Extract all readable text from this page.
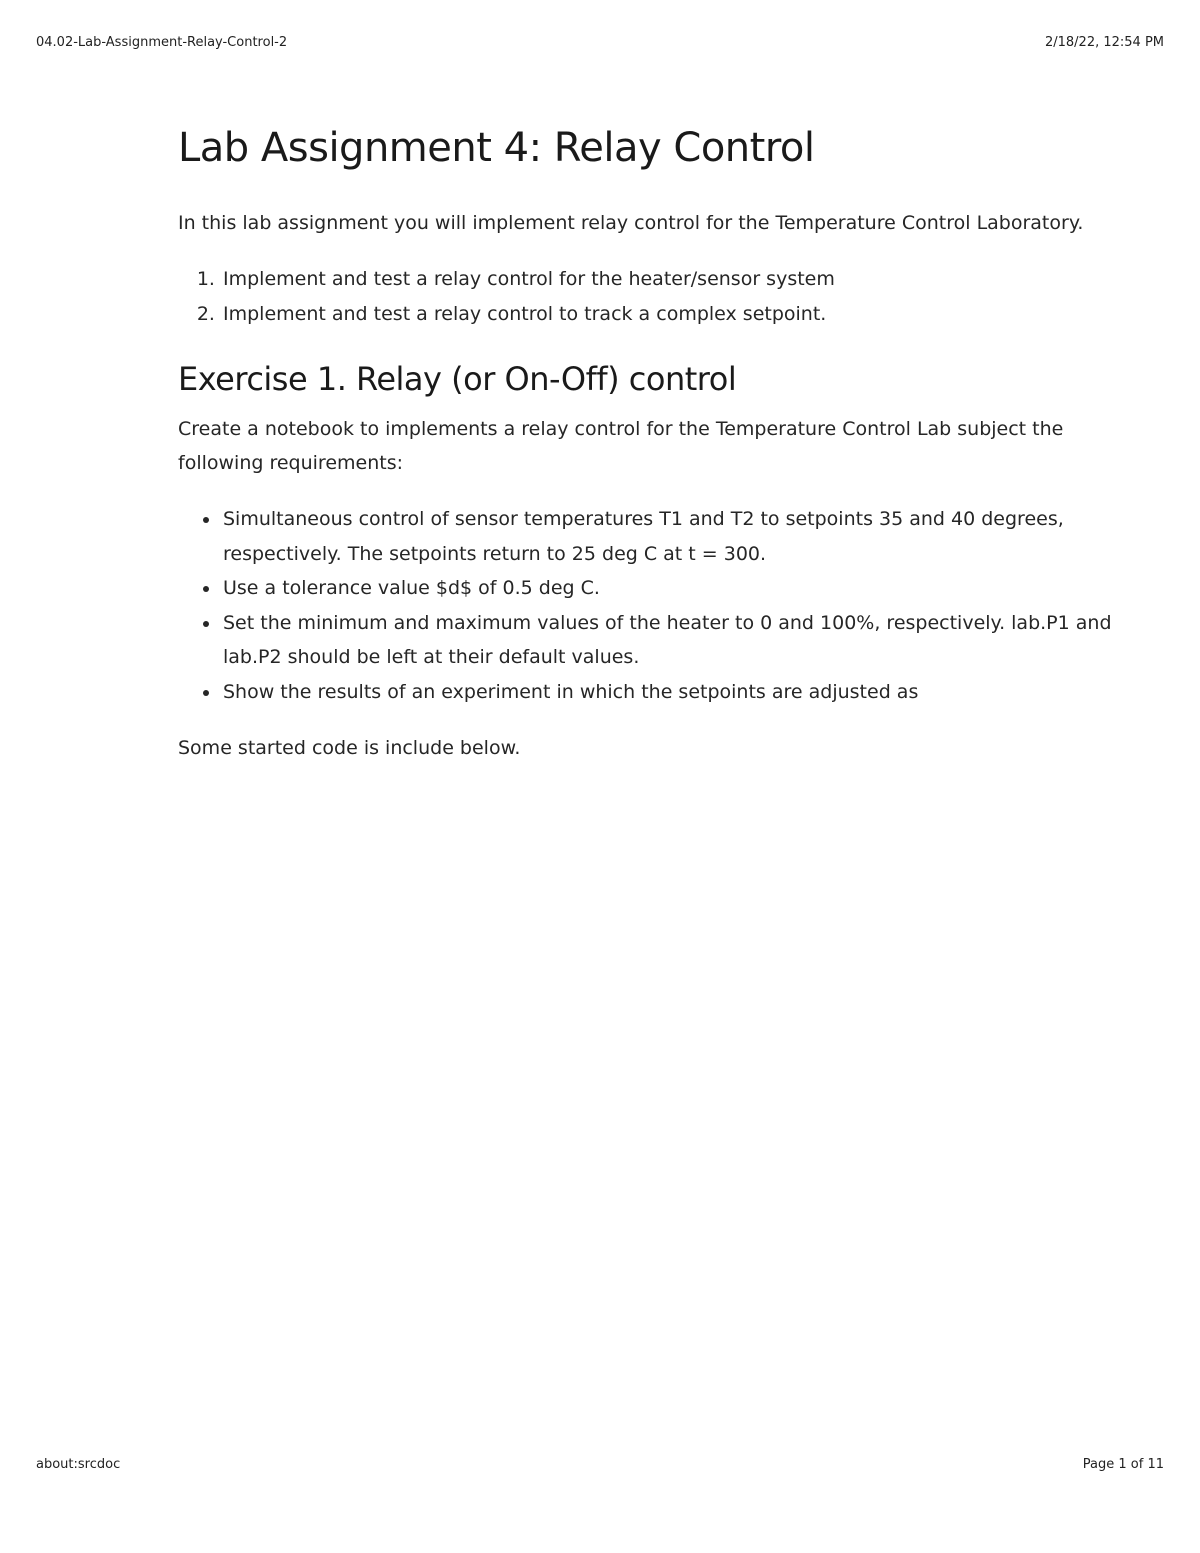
04.02-Lab-Assignment-Relay-Control-2	2/18/22, 12:54 PM
Lab Assignment 4: Relay Control

In this lab assignment you will implement relay control for the Temperature Control Laboratory.

1. Implement and test a relay control for the heater/sensor system
2. Implement and test a relay control to track a complex setpoint.
Exercise 1. Relay (or On-Off) control

Create a notebook to implements a relay control for the Temperature Control Lab subject the following requirements:

• Simultaneous control of sensor temperatures T1 and T2 to setpoints 35 and 40 degrees, respectively. The setpoints return to 25 deg C at t = 300.
• Use a tolerance value $d$ of 0.5 deg C.
• Set the minimum and maximum values of the heater to 0 and 100%, respectively. lab.P1 and lab.P2 should be left at their default values.
• Show the results of an experiment in which the setpoints are adjusted as

Some started code is include below.

about:srcdoc	Page 1 of 11
